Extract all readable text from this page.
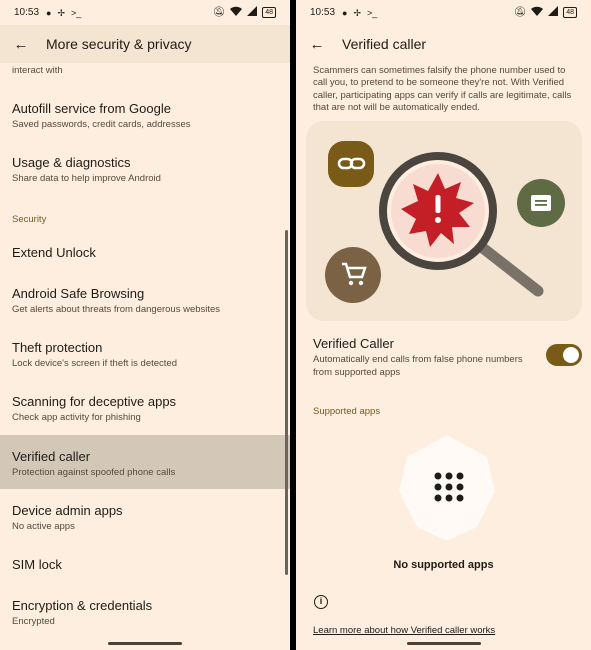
10:53 ● ✢ >_	🔕︎	48
←	More security & privacy
interact with
Autofill service from Google
Saved passwords, credit cards, addresses
Usage & diagnostics
Share data to help improve Android
Security
Extend Unlock
Android Safe Browsing
Get alerts about threats from dangerous websites
Theft protection
Lock device's screen if theft is detected
Scanning for deceptive apps
Check app activity for phishing
Verified caller
Protection against spoofed phone calls
Device admin apps
No active apps
SIM lock
Encryption & credentials
Encrypted
10:53 ● ✢ >_	🔕︎	48
←	Verified caller
Scammers can sometimes falsify the phone number used to call you, to pretend to be someone they're not. With Verified caller, participating apps can verify if calls are legitimate, calls that are not will be automatically ended.
Verified Caller
Automatically end calls from false phone numbers from supported apps
Supported apps
No supported apps
i
Learn more about how Verified caller works
